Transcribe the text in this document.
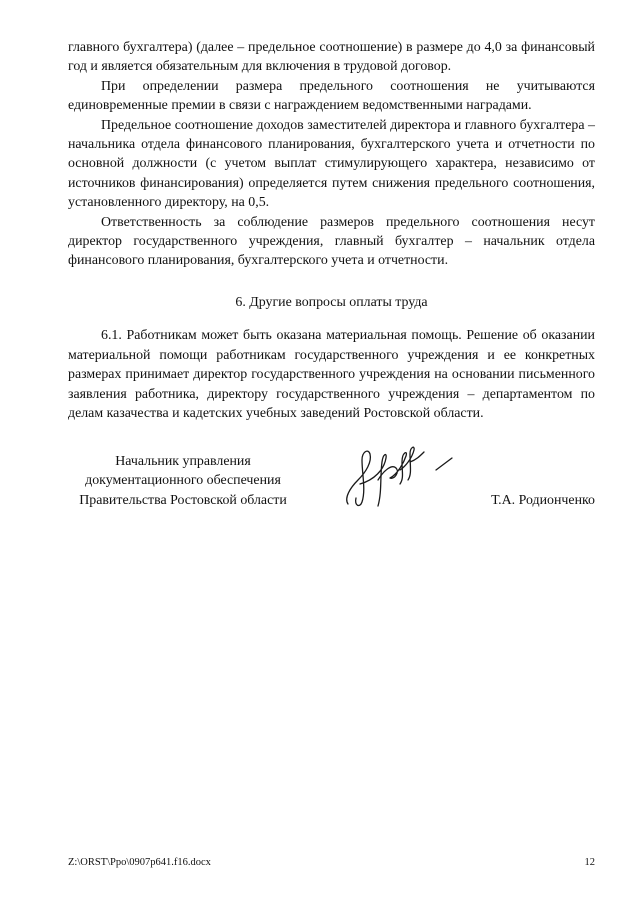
главного бухгалтера) (далее – предельное соотношение) в размере до 4,0 за финансовый год и является обязательным для включения в трудовой договор.

При определении размера предельного соотношения не учитываются единовременные премии в связи с награждением ведомственными наградами.

Предельное соотношение доходов заместителей директора и главного бухгалтера – начальника отдела финансового планирования, бухгалтерского учета и отчетности по основной должности (с учетом выплат стимулирующего характера, независимо от источников финансирования) определяется путем снижения предельного соотношения, установленного директору, на 0,5.

Ответственность за соблюдение размеров предельного соотношения несут директор государственного учреждения, главный бухгалтер – начальник отдела финансового планирования, бухгалтерского учета и отчетности.

6. Другие вопросы оплаты труда

6.1. Работникам может быть оказана материальная помощь. Решение об оказании материальной помощи работникам государственного учреждения и ее конкретных размерах принимает директор государственного учреждения на основании письменного заявления работника, директору государственного учреждения – департаментом по делам казачества и кадетских учебных заведений Ростовской области.

Начальник управления
документационного обеспечения
Правительства Ростовской области	Т.А. Родионченко
Z:\ORST\Ppo\0907p641.f16.docx	12
